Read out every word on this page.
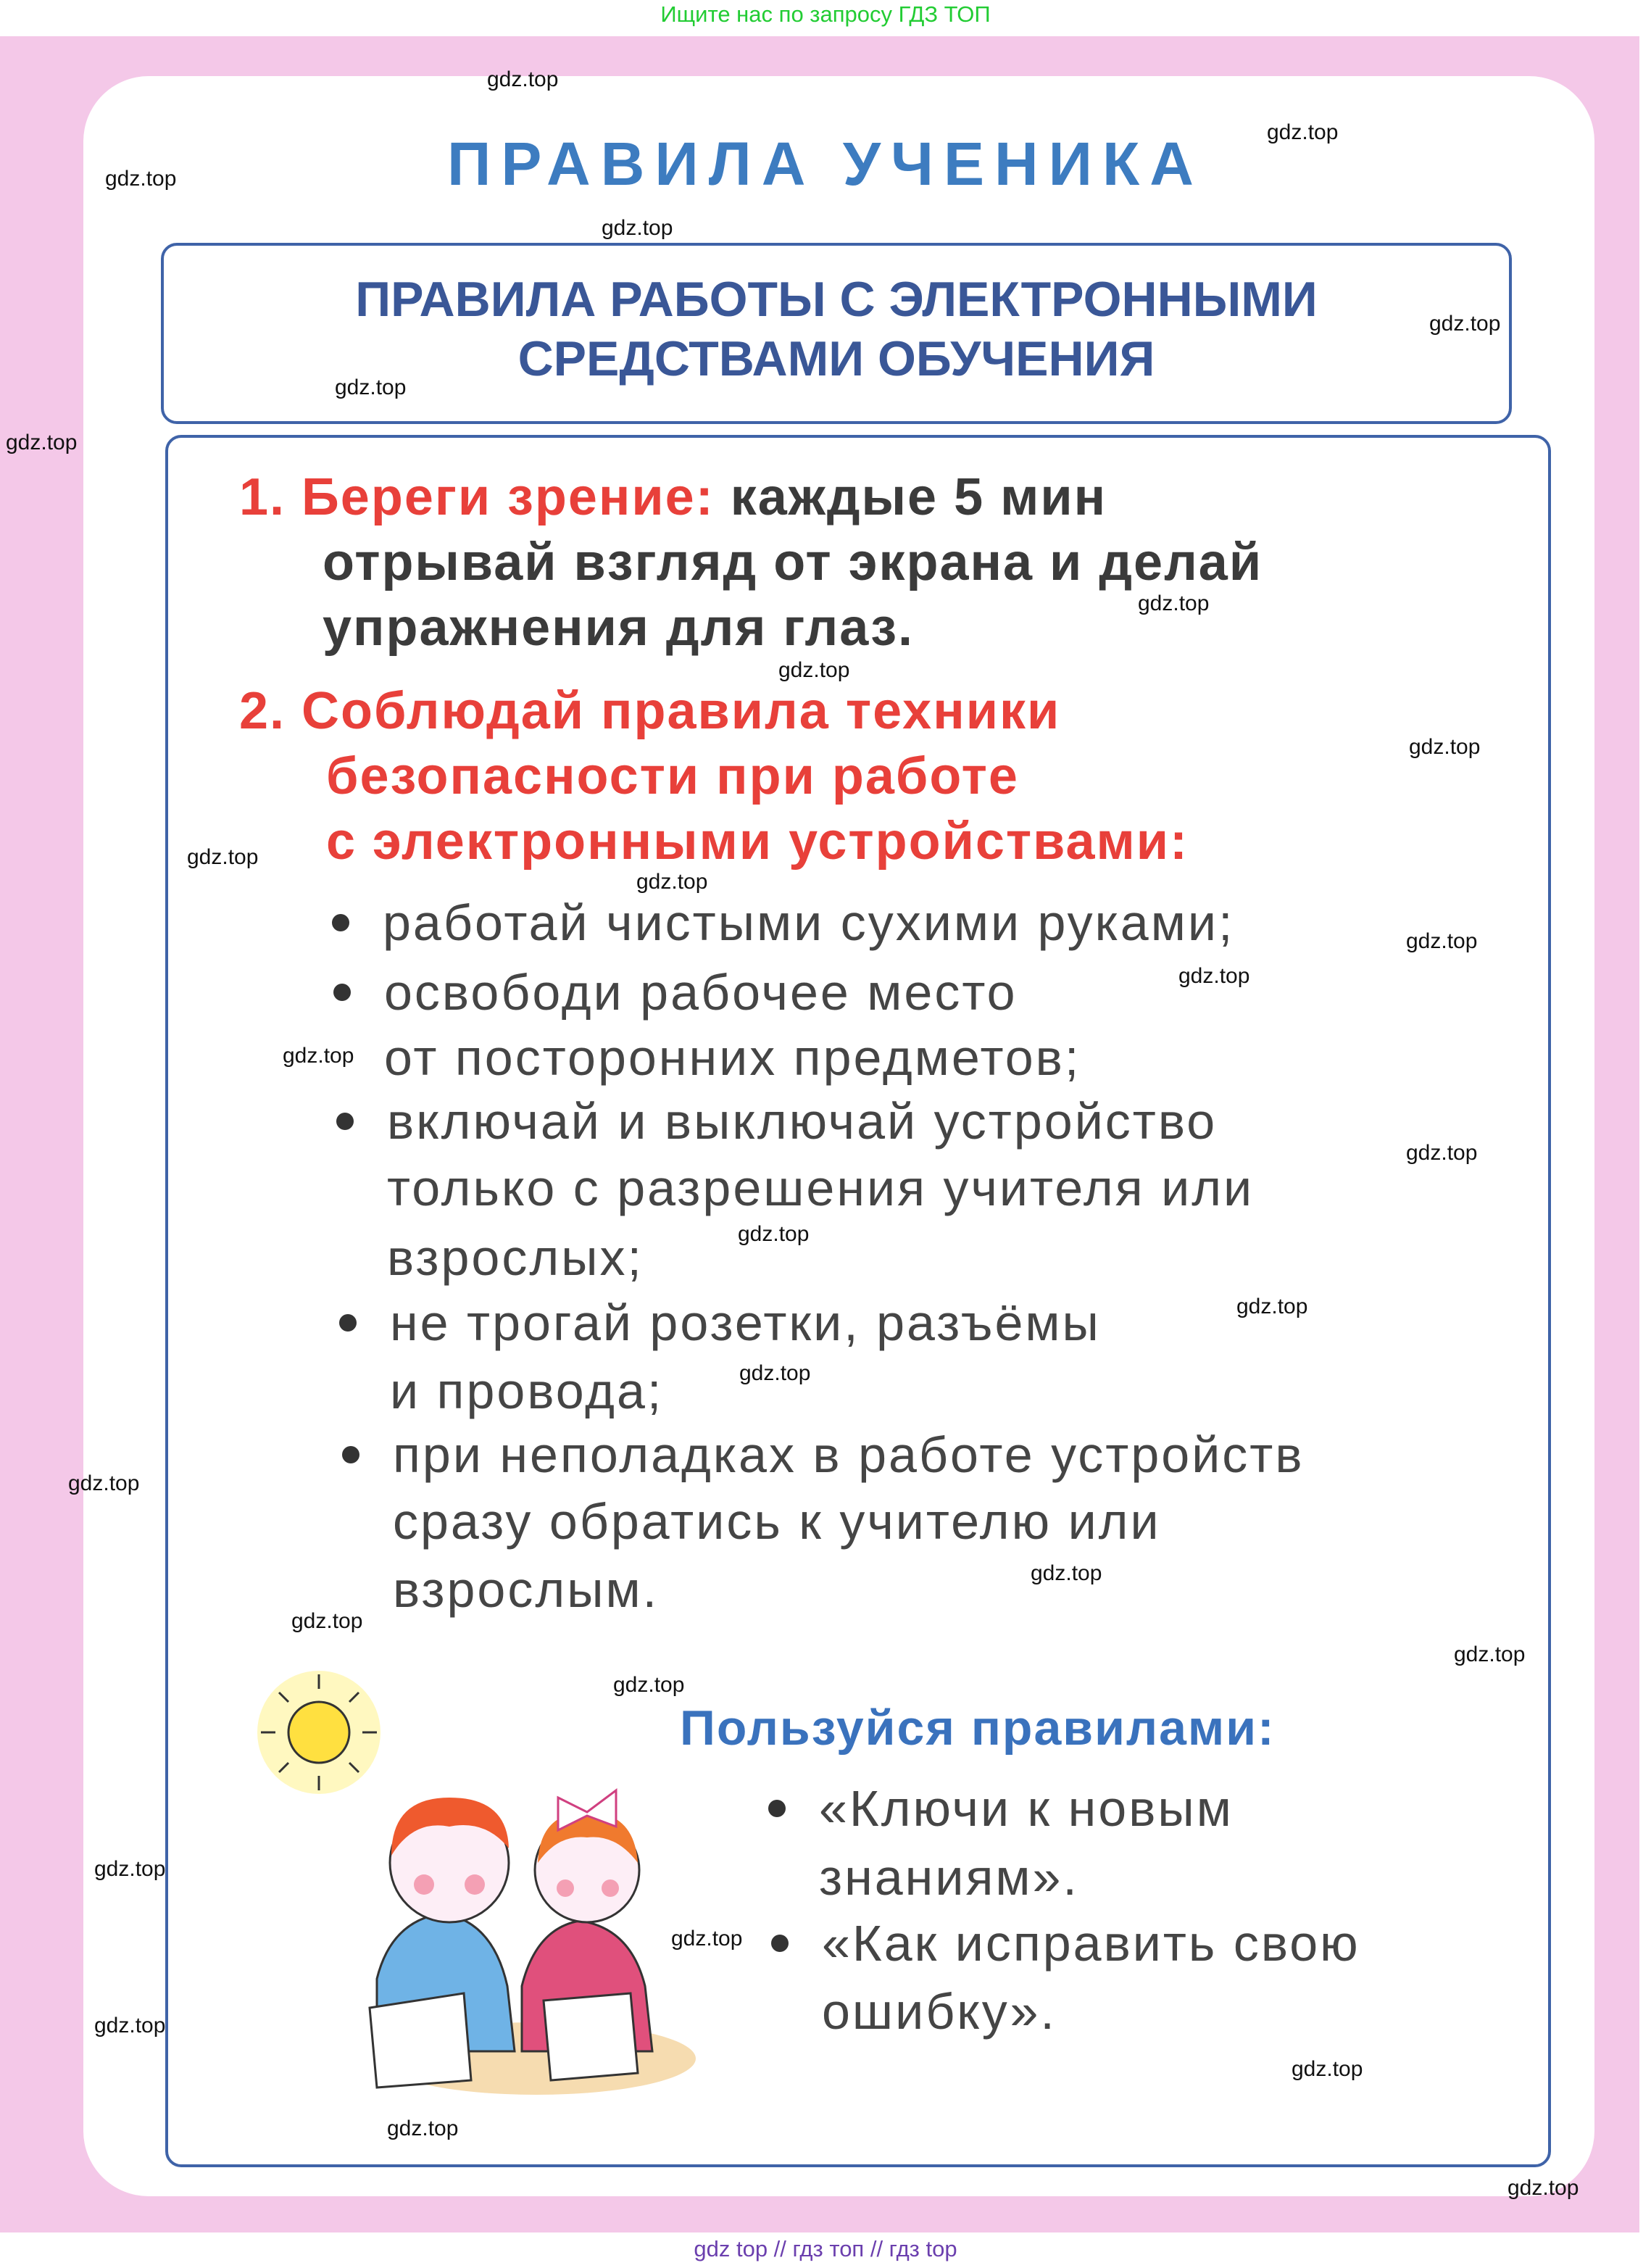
Ищите нас по запросу ГДЗ ТОП
ПРАВИЛА УЧЕНИКА
ПРАВИЛА РАБОТЫ С ЭЛЕКТРОННЫМИ
СРЕДСТВАМИ ОБУЧЕНИЯ
1. Береги зрение: каждые 5 мин
отрывай взгляд от экрана и делай
упражнения для глаз.
2. Соблюдай правила техники
безопасности при работе
с электронными устройствами:
работай чистыми сухими руками;
освободи рабочее место
от посторонних предметов;
включай и выключай устройство
только с разрешения учителя или
взрослых;
не трогай розетки, разъёмы
и провода;
при неполадках в работе устройств
сразу обратись к учителю или
взрослым.
Пользуйся правилами:
«Ключи к новым
знаниям».
«Как исправить свою
ошибку».
gdz.top
gdz.top
gdz.top
gdz.top
gdz.top
gdz.top
gdz.top
gdz.top
gdz.top
gdz.top
gdz.top
gdz.top
gdz.top
gdz.top
gdz.top
gdz.top
gdz.top
gdz.top
gdz.top
gdz.top
gdz.top
gdz.top
gdz.top
gdz.top
gdz.top
gdz.top
gdz.top
gdz.top
gdz.top
gdz.top
gdz top // гдз топ // гдз top
